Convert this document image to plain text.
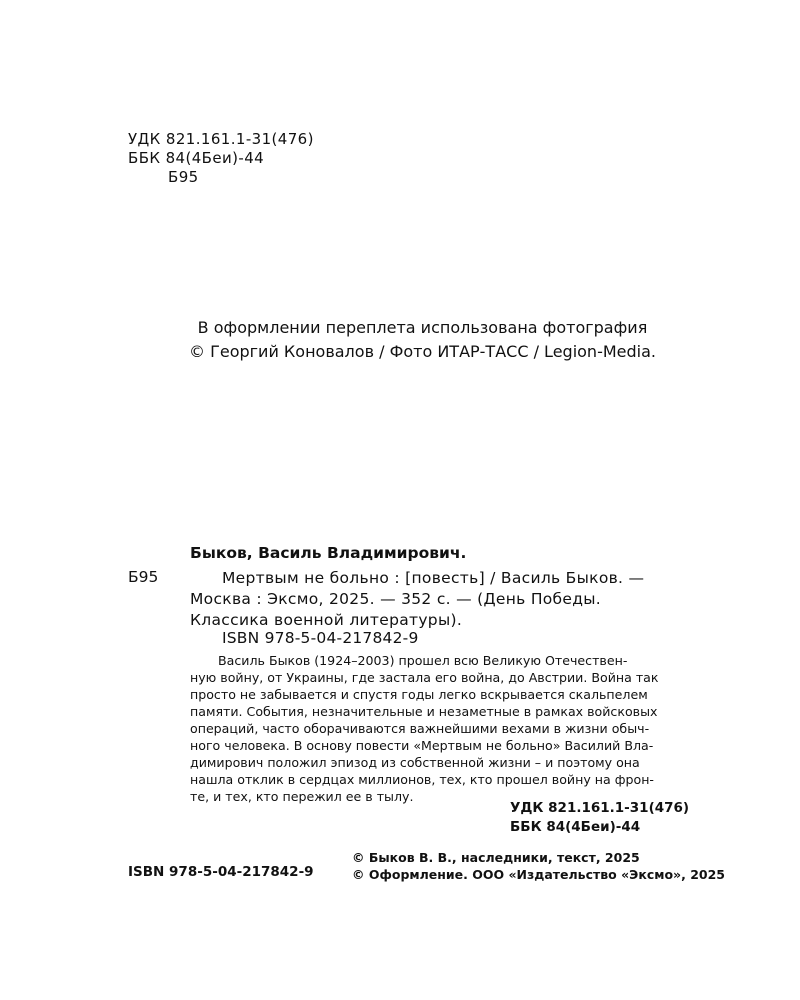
УДК 821.161.1-31(476)
ББК 84(4Беи)-44
Б95
В оформлении переплета использована фотография
© Георгий Коновалов / Фото ИТАР-ТАСС / Legion-Media.
Быков, Василь Владимирович.
Б95	Мертвым не больно : [повесть] / Василь Быков. —
Москва : Эксмо, 2025. — 352 с. — (День Победы.
Классика военной литературы).
ISBN 978-5-04-217842-9
Василь Быков (1924–2003) прошел всю Великую Отечествен-
ную войну, от Украины, где застала его война, до Австрии. Война так
просто не забывается и спустя годы легко вскрывается скальпелем
памяти. События, незначительные и незаметные в рамках войсковых
операций, часто оборачиваются важнейшими вехами в жизни обыч-
ного человека. В основу повести «Мертвым не больно» Василий Вла-
димирович положил эпизод из собственной жизни – и поэтому она
нашла отклик в сердцах миллионов, тех, кто прошел войну на фрон-
те, и тех, кто пережил ее в тылу.
УДК 821.161.1-31(476)
ББК 84(4Беи)-44
© Быков В. В., наследники, текст, 2025
© Оформление. ООО «Издательство «Эксмо», 2025
ISBN 978-5-04-217842-9
